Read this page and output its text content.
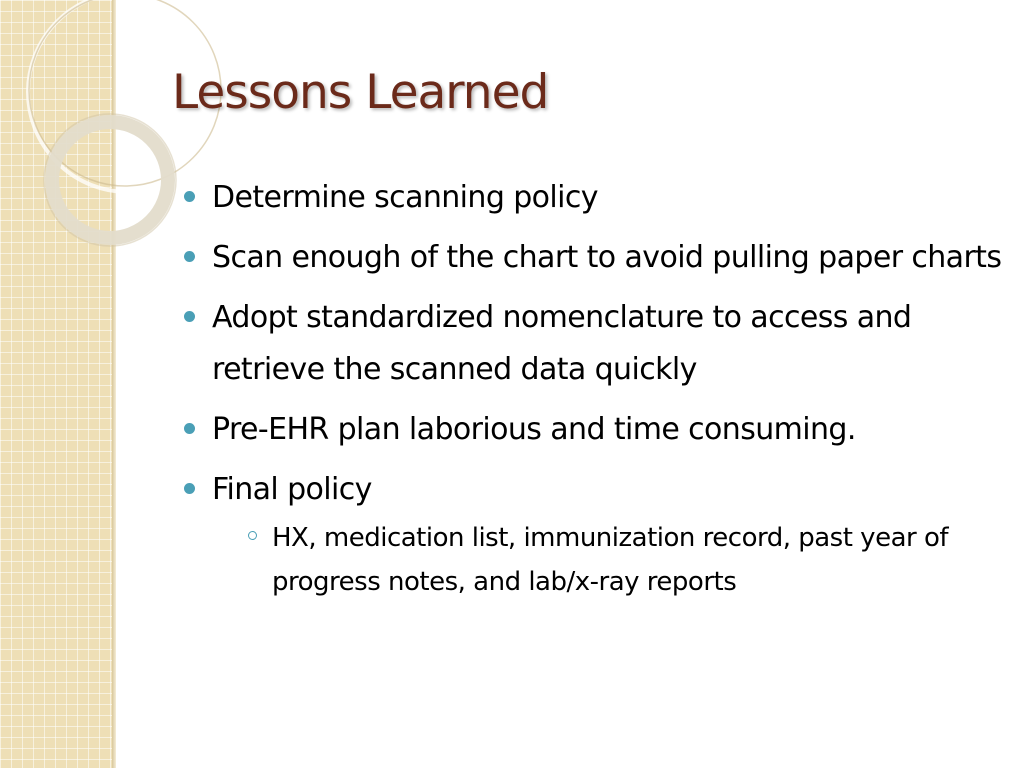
Lessons Learned
Determine scanning policy
Scan enough of the chart to avoid pulling paper charts
Adopt standardized nomenclature to access and retrieve the scanned data quickly
Pre-EHR plan laborious and time consuming.
Final policy
HX, medication list, immunization record, past year of progress notes, and lab/x-ray reports
